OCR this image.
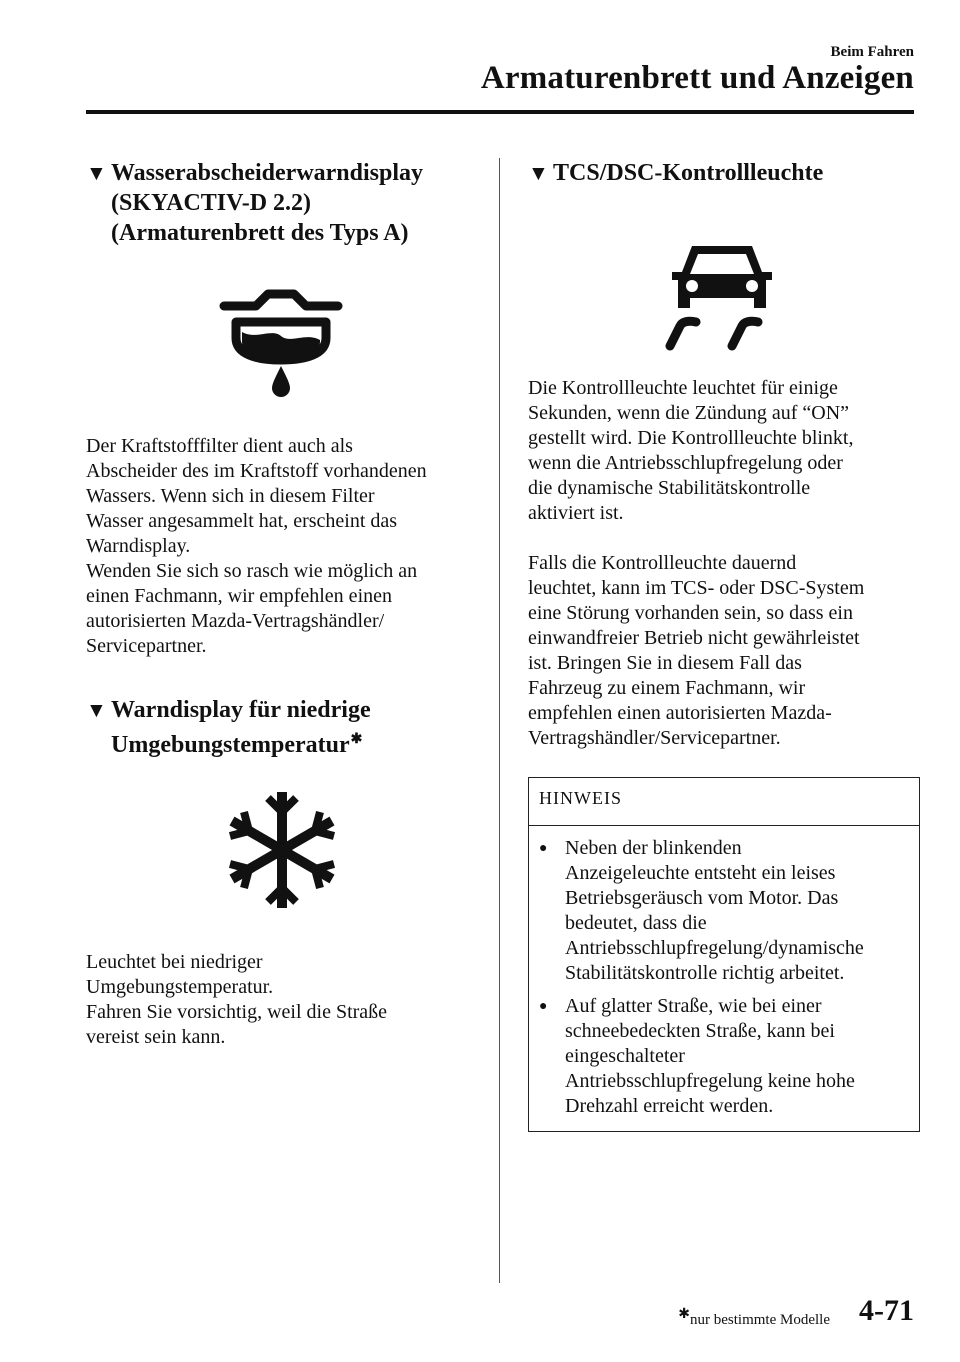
Beim Fahren
Armaturenbrett und Anzeigen
▼ Wasserabscheiderwarndisplay
(SKYACTIV-D 2.2)
(Armaturenbrett des Typs A)

Der Kraftstofffilter dient auch als
Abscheider des im Kraftstoff vorhandenen
Wassers. Wenn sich in diesem Filter
Wasser angesammelt hat, erscheint das
Warndisplay.
Wenden Sie sich so rasch wie möglich an
einen Fachmann, wir empfehlen einen
autorisierten Mazda-Vertragshändler/
Servicepartner.

▼ Warndisplay für niedrige
Umgebungstemperatur✱

Leuchtet bei niedriger
Umgebungstemperatur.
Fahren Sie vorsichtig, weil die Straße
vereist sein kann.

▼ TCS/DSC-Kontrollleuchte

Die Kontrollleuchte leuchtet für einige
Sekunden, wenn die Zündung auf “ON”
gestellt wird. Die Kontrollleuchte blinkt,
wenn die Antriebsschlupfregelung oder
die dynamische Stabilitätskontrolle
aktiviert ist.

Falls die Kontrollleuchte dauernd
leuchtet, kann im TCS- oder DSC-System
eine Störung vorhanden sein, so dass ein
einwandfreier Betrieb nicht gewährleistet
ist. Bringen Sie in diesem Fall das
Fahrzeug zu einem Fachmann, wir
empfehlen einen autorisierten Mazda-
Vertragshändler/Servicepartner.

HINWEIS
● Neben der blinkenden
Anzeigeleuchte entsteht ein leises
Betriebsgeräusch vom Motor. Das
bedeutet, dass die
Antriebsschlupfregelung/dynamische
Stabilitätskontrolle richtig arbeitet.
● Auf glatter Straße, wie bei einer
schneebedeckten Straße, kann bei
eingeschalteter
Antriebsschlupfregelung keine hohe
Drehzahl erreicht werden.
✱nur bestimmte Modelle 4-71
